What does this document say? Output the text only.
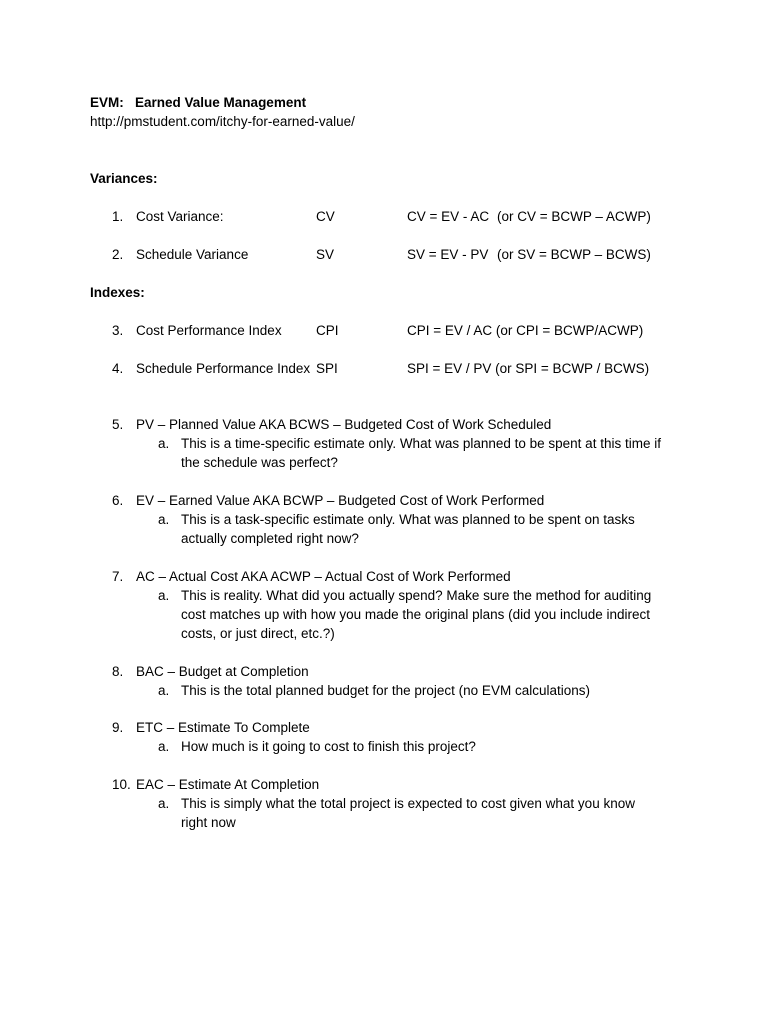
EVM: Earned Value Management
http://pmstudent.com/itchy-for-earned-value/
Variances:
1. Cost Variance:	CV	CV = EV - AC (or CV = BCWP – ACWP)
2. Schedule Variance	SV	SV = EV - PV (or SV = BCWP – BCWS)
Indexes:
3. Cost Performance Index	CPI	CPI = EV / AC (or CPI = BCWP/ACWP)
4. Schedule Performance Index SPI	SPI = EV / PV (or SPI = BCWP / BCWS)
5. PV – Planned Value AKA BCWS – Budgeted Cost of Work Scheduled
a. This is a time-specific estimate only. What was planned to be spent at this time if
the schedule was perfect?
6. EV – Earned Value AKA BCWP – Budgeted Cost of Work Performed
a. This is a task-specific estimate only. What was planned to be spent on tasks
actually completed right now?
7. AC – Actual Cost AKA ACWP – Actual Cost of Work Performed
a. This is reality. What did you actually spend? Make sure the method for auditing
cost matches up with how you made the original plans (did you include indirect
costs, or just direct, etc.?)
8. BAC – Budget at Completion
a. This is the total planned budget for the project (no EVM calculations)
9. ETC – Estimate To Complete
a. How much is it going to cost to finish this project?
10. EAC – Estimate At Completion
a. This is simply what the total project is expected to cost given what you know
right now
